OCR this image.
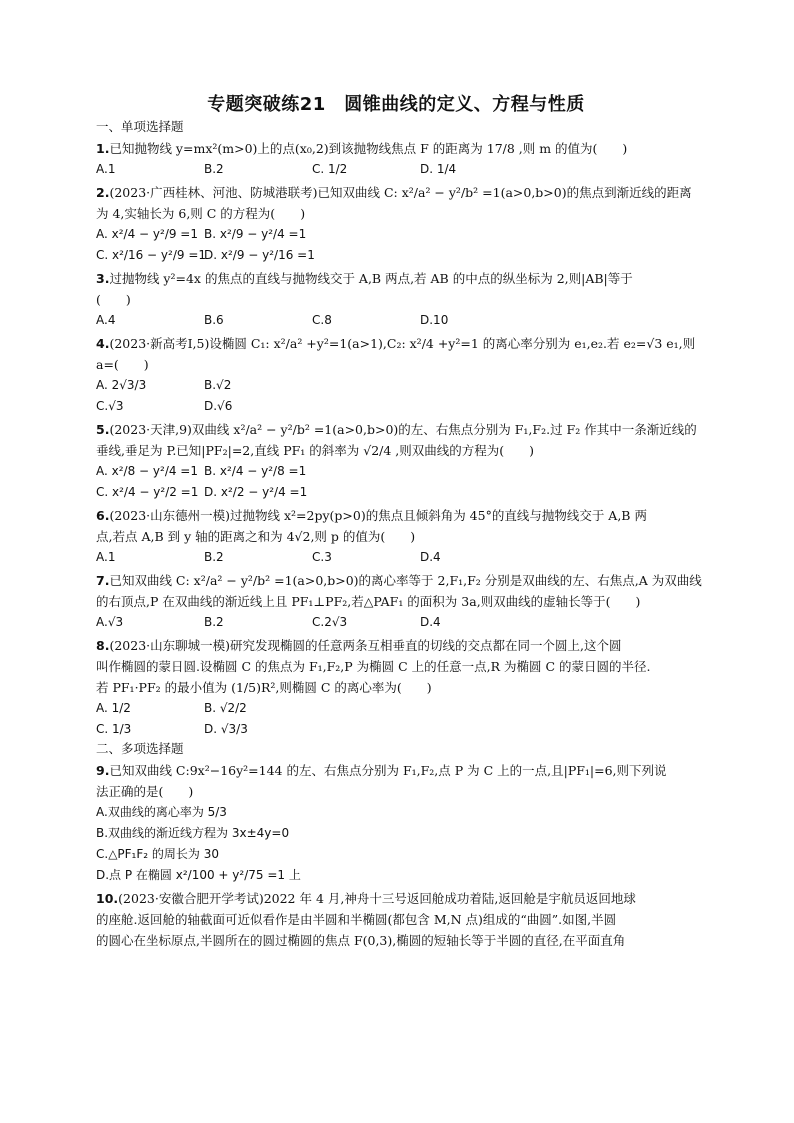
专题突破练21　圆锥曲线的定义、方程与性质
一、单项选择题
1.已知抛物线 y=mx²(m>0)上的点(x₀,2)到该抛物线焦点 F 的距离为 17/8 ,则 m 的值为(　　)
A.1	B.2	C. 1/2	D. 1/4
2.(2023·广西桂林、河池、防城港联考)已知双曲线 C: x²/a² − y²/b² =1(a>0,b>0)的焦点到渐近线的距离
为 4,实轴长为 6,则 C 的方程为(　　)
A. x²/4 − y²/9 =1 B. x²/9 − y²/4 =1
C. x²/16 − y²/9 =1
D. x²/9 − y²/16 =1
3.过抛物线 y²=4x 的焦点的直线与抛物线交于 A,B 两点,若 AB 的中点的纵坐标为 2,则|AB|等于
(　　)
A.4	B.6	C.8	D.10
4.(2023·新高考Ⅰ,5)设椭圆 C₁: x²/a² +y²=1(a>1),C₂: x²/4 +y²=1 的离心率分别为 e₁,e₂.若 e₂=√3 e₁,则
a=(　　)
A. 2√3/3	B.√2
C.√3	D.√6
5.(2023·天津,9)双曲线 x²/a² − y²/b² =1(a>0,b>0)的左、右焦点分别为 F₁,F₂.过 F₂ 作其中一条渐近线的
垂线,垂足为 P.已知|PF₂|=2,直线 PF₁ 的斜率为 √2/4 ,则双曲线的方程为(　　)
A. x²/8 − y²/4 =1 B. x²/4 − y²/8 =1
C. x²/4 − y²/2 =1 D. x²/2 − y²/4 =1
6.(2023·山东德州一模)过抛物线 x²=2py(p>0)的焦点且倾斜角为 45°的直线与抛物线交于 A,B 两
点,若点 A,B 到 y 轴的距离之和为 4√2,则 p 的值为(　　)
A.1	B.2	C.3	D.4
7.已知双曲线 C: x²/a² − y²/b² =1(a>0,b>0)的离心率等于 2,F₁,F₂ 分别是双曲线的左、右焦点,A 为双曲线
的右顶点,P 在双曲线的渐近线上且 PF₁⊥PF₂,若△PAF₁ 的面积为 3a,则双曲线的虚轴长等于(　　)
A.√3	B.2	C.2√3	D.4
8.(2023·山东聊城一模)研究发现椭圆的任意两条互相垂直的切线的交点都在同一个圆上,这个圆
叫作椭圆的蒙日圆.设椭圆 C 的焦点为 F₁,F₂,P 为椭圆 C 上的任意一点,R 为椭圆 C 的蒙日圆的半径.
若 PF₁·PF₂ 的最小值为 (1/5)R²,则椭圆 C 的离心率为(　　)
A. 1/2	B. √2/2
C. 1/3	D. √3/3
二、多项选择题
9.已知双曲线 C:9x²−16y²=144 的左、右焦点分别为 F₁,F₂,点 P 为 C 上的一点,且|PF₁|=6,则下列说
法正确的是(　　)
A.双曲线的离心率为 5/3
B.双曲线的渐近线方程为 3x±4y=0
C.△PF₁F₂ 的周长为 30
D.点 P 在椭圆 x²/100 + y²/75 =1 上
10.(2023·安徽合肥开学考试)2022 年 4 月,神舟十三号返回舱成功着陆,返回舱是宇航员返回地球
的座舱.返回舱的轴截面可近似看作是由半圆和半椭圆(都包含 M,N 点)组成的“曲圆”.如图,半圆
的圆心在坐标原点,半圆所在的圆过椭圆的焦点 F(0,3),椭圆的短轴长等于半圆的直径,在平面直角
